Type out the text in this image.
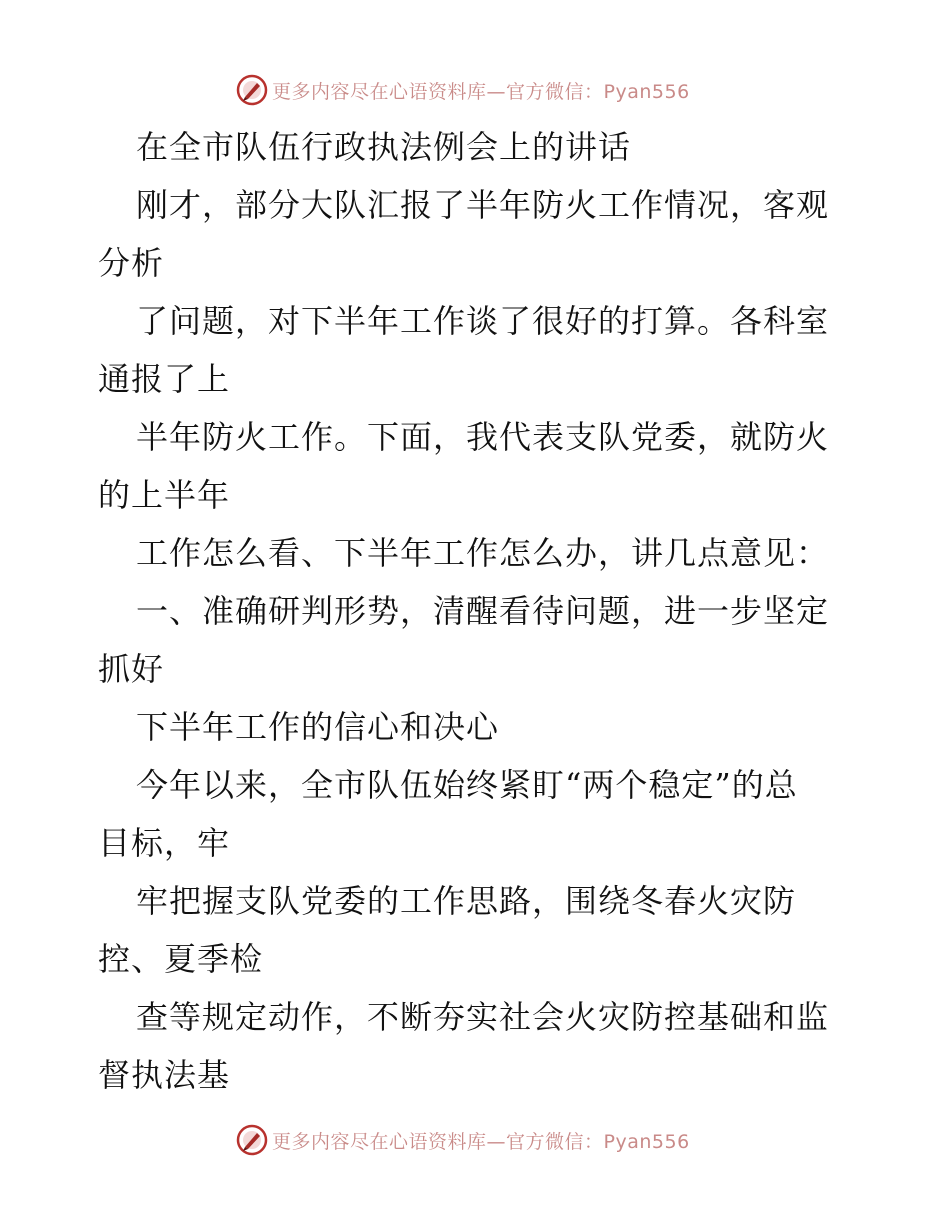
更多内容尽在心语资料库—官方微信：Pyan556
在全市队伍行政执法例会上的讲话
刚才，部分大队汇报了半年防火工作情况，客观
分析
了问题，对下半年工作谈了很好的打算。各科室
通报了上
半年防火工作。下面，我代表支队党委，就防火
的上半年
工作怎么看、下半年工作怎么办，讲几点意见：
一、准确研判形势，清醒看待问题，进一步坚定
抓好
下半年工作的信心和决心
今年以来，全市队伍始终紧盯“两个稳定”的总
目标，牢
牢把握支队党委的工作思路，围绕冬春火灾防
控、夏季检
查等规定动作，不断夯实社会火灾防控基础和监
督执法基
更多内容尽在心语资料库—官方微信：Pyan556
